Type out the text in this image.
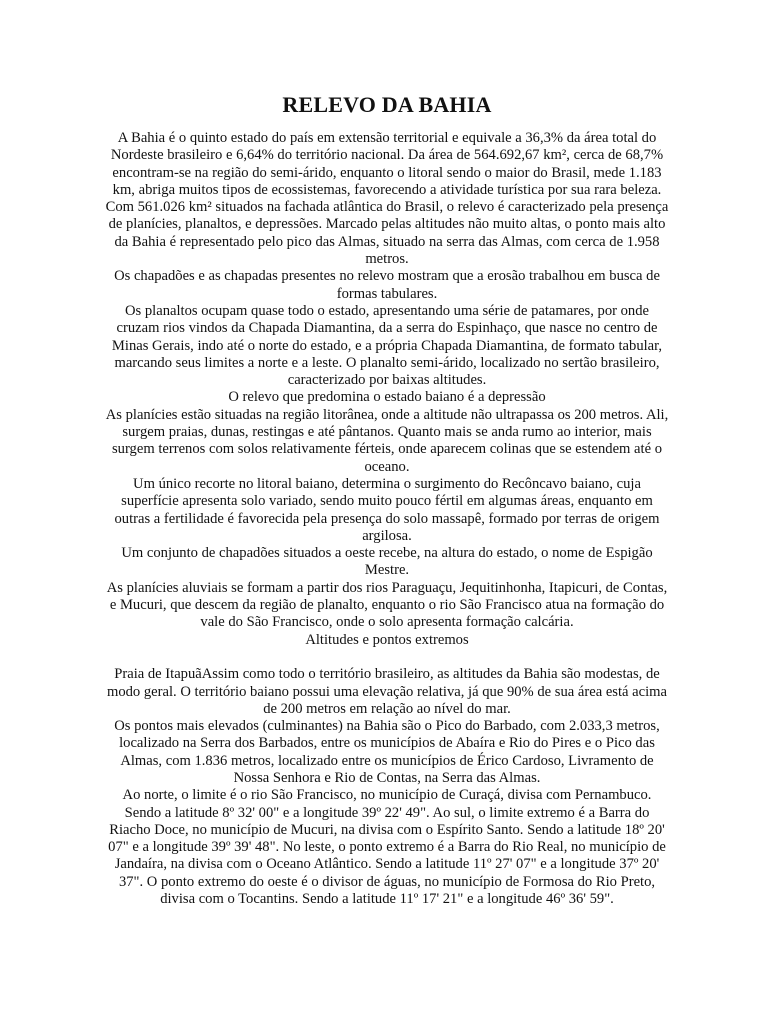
RELEVO DA BAHIA

A Bahia é o quinto estado do país em extensão territorial e equivale a 36,3% da área total do Nordeste brasileiro e 6,64% do território nacional. Da área de 564.692,67 km², cerca de 68,7% encontram-se na região do semi-árido, enquanto o litoral sendo o maior do Brasil, mede 1.183 km, abriga muitos tipos de ecossistemas, favorecendo a atividade turística por sua rara beleza.

Com 561.026 km² situados na fachada atlântica do Brasil, o relevo é caracterizado pela presença de planícies, planaltos, e depressões. Marcado pelas altitudes não muito altas, o ponto mais alto da Bahia é representado pelo pico das Almas, situado na serra das Almas, com cerca de 1.958 metros.

Os chapadões e as chapadas presentes no relevo mostram que a erosão trabalhou em busca de formas tabulares.

Os planaltos ocupam quase todo o estado, apresentando uma série de patamares, por onde cruzam rios vindos da Chapada Diamantina, da a serra do Espinhaço, que nasce no centro de Minas Gerais, indo até o norte do estado, e a própria Chapada Diamantina, de formato tabular, marcando seus limites a norte e a leste. O planalto semi-árido, localizado no sertão brasileiro, caracterizado por baixas altitudes.

O relevo que predomina o estado baiano é a depressão

As planícies estão situadas na região litorânea, onde a altitude não ultrapassa os 200 metros. Ali, surgem praias, dunas, restingas e até pântanos. Quanto mais se anda rumo ao interior, mais surgem terrenos com solos relativamente férteis, onde aparecem colinas que se estendem até o oceano.

Um único recorte no litoral baiano, determina o surgimento do Recôncavo baiano, cuja superfície apresenta solo variado, sendo muito pouco fértil em algumas áreas, enquanto em outras a fertilidade é favorecida pela presença do solo massapê, formado por terras de origem argilosa.

Um conjunto de chapadões situados a oeste recebe, na altura do estado, o nome de Espigão Mestre.

As planícies aluviais se formam a partir dos rios Paraguaçu, Jequitinhonha, Itapicuri, de Contas, e Mucuri, que descem da região de planalto, enquanto o rio São Francisco atua na formação do vale do São Francisco, onde o solo apresenta formação calcária.

Altitudes e pontos extremos

Praia de ItapuãAssim como todo o território brasileiro, as altitudes da Bahia são modestas, de modo geral. O território baiano possui uma elevação relativa, já que 90% de sua área está acima de 200 metros em relação ao nível do mar.

Os pontos mais elevados (culminantes) na Bahia são o Pico do Barbado, com 2.033,3 metros, localizado na Serra dos Barbados, entre os municípios de Abaíra e Rio do Pires e o Pico das Almas, com 1.836 metros, localizado entre os municípios de Érico Cardoso, Livramento de Nossa Senhora e Rio de Contas, na Serra das Almas.

Ao norte, o limite é o rio São Francisco, no município de Curaçá, divisa com Pernambuco. Sendo a latitude 8º 32' 00" e a longitude 39º 22' 49". Ao sul, o limite extremo é a Barra do Riacho Doce, no município de Mucuri, na divisa com o Espírito Santo. Sendo a latitude 18º 20' 07" e a longitude 39º 39' 48". No leste, o ponto extremo é a Barra do Rio Real, no município de Jandaíra, na divisa com o Oceano Atlântico. Sendo a latitude 11º 27' 07" e a longitude 37º 20' 37". O ponto extremo do oeste é o divisor de águas, no município de Formosa do Rio Preto, divisa com o Tocantins. Sendo a latitude 11º 17' 21" e a longitude 46º 36' 59".
